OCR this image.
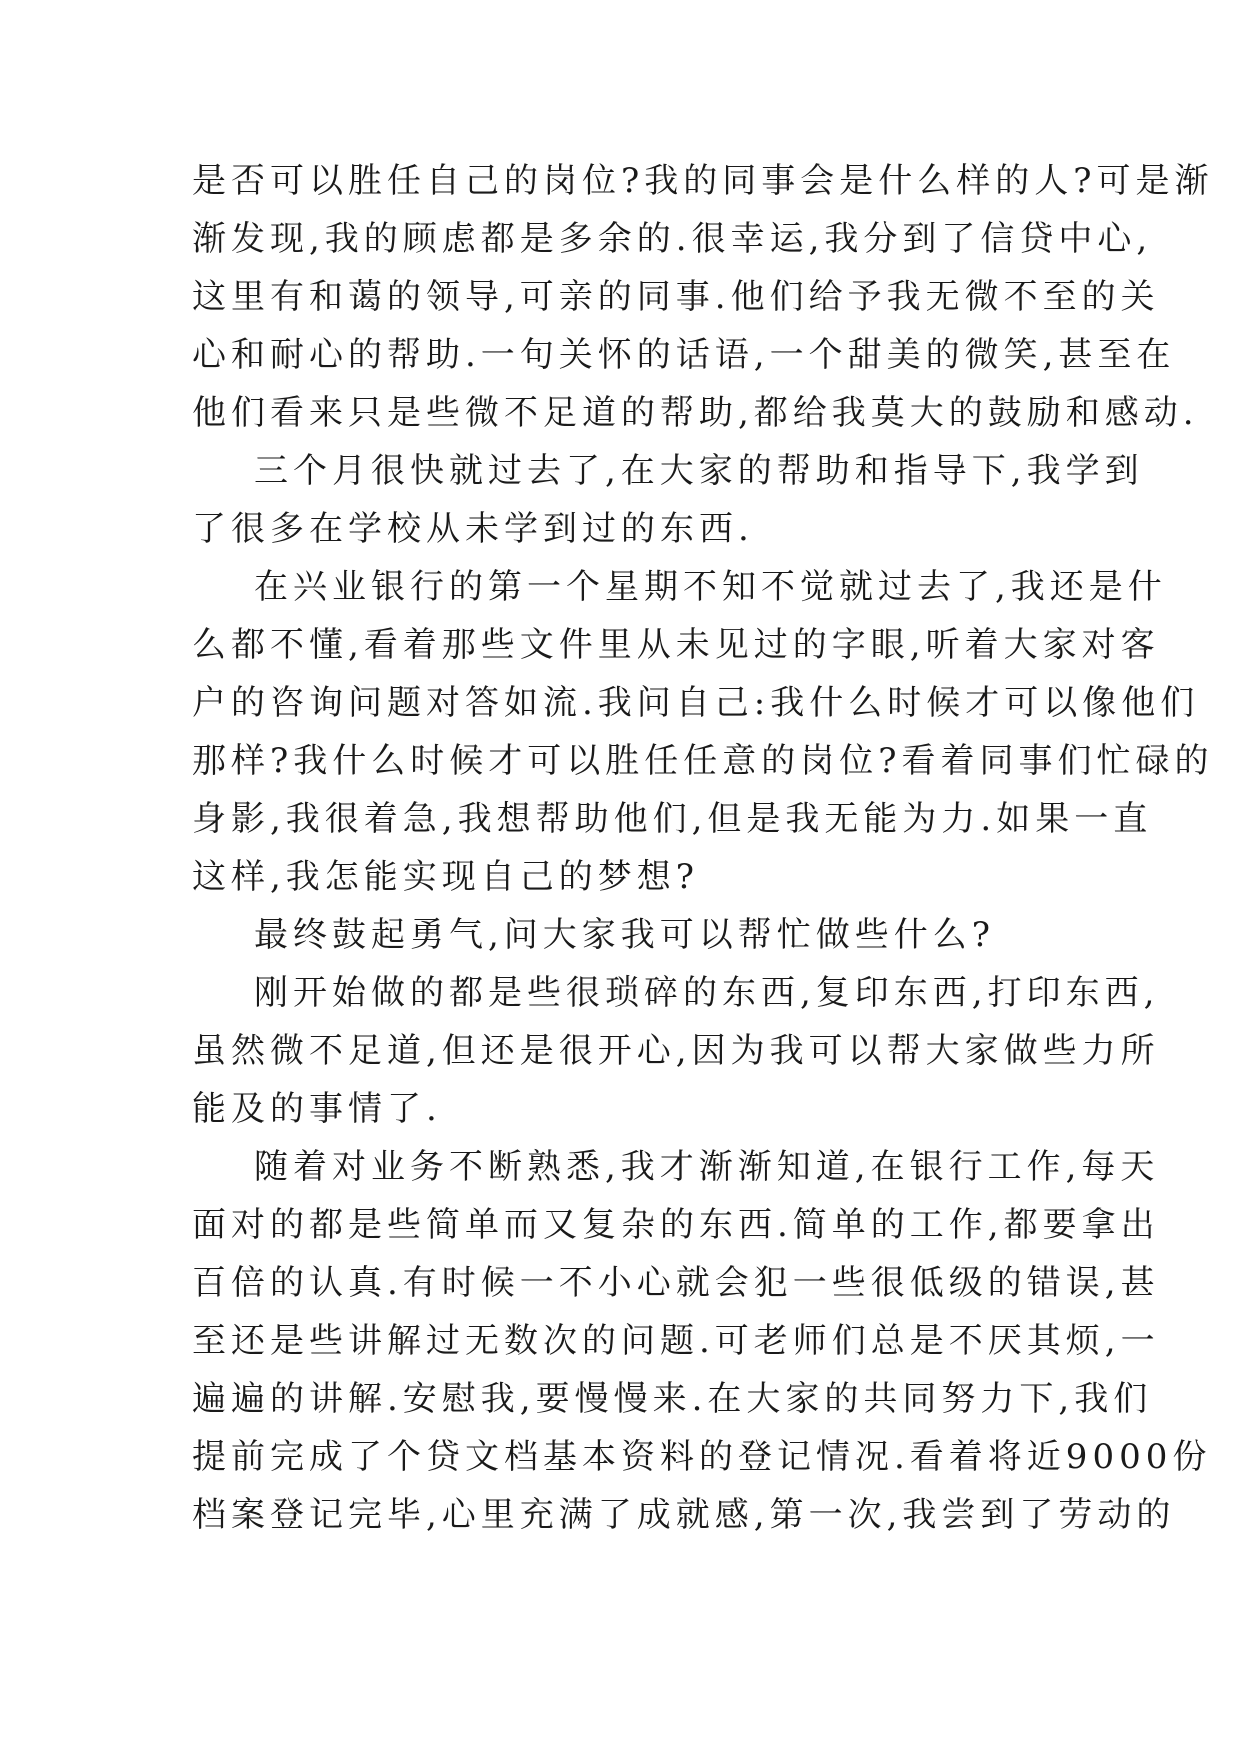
是否可以胜任自己的岗位?我的同事会是什么样的人?可是渐
渐发现,我的顾虑都是多余的.很幸运,我分到了信贷中心,
这里有和蔼的领导,可亲的同事.他们给予我无微不至的关
心和耐心的帮助.一句关怀的话语,一个甜美的微笑,甚至在
他们看来只是些微不足道的帮助,都给我莫大的鼓励和感动.
三个月很快就过去了,在大家的帮助和指导下,我学到
了很多在学校从未学到过的东西.
在兴业银行的第一个星期不知不觉就过去了,我还是什
么都不懂,看着那些文件里从未见过的字眼,听着大家对客
户的咨询问题对答如流.我问自己:我什么时候才可以像他们
那样?我什么时候才可以胜任任意的岗位?看着同事们忙碌的
身影,我很着急,我想帮助他们,但是我无能为力.如果一直
这样,我怎能实现自己的梦想?
最终鼓起勇气,问大家我可以帮忙做些什么?
刚开始做的都是些很琐碎的东西,复印东西,打印东西,
虽然微不足道,但还是很开心,因为我可以帮大家做些力所
能及的事情了.
随着对业务不断熟悉,我才渐渐知道,在银行工作,每天
面对的都是些简单而又复杂的东西.简单的工作,都要拿出
百倍的认真.有时候一不小心就会犯一些很低级的错误,甚
至还是些讲解过无数次的问题.可老师们总是不厌其烦,一
遍遍的讲解.安慰我,要慢慢来.在大家的共同努力下,我们
提前完成了个贷文档基本资料的登记情况.看着将近9000份
档案登记完毕,心里充满了成就感,第一次,我尝到了劳动的
